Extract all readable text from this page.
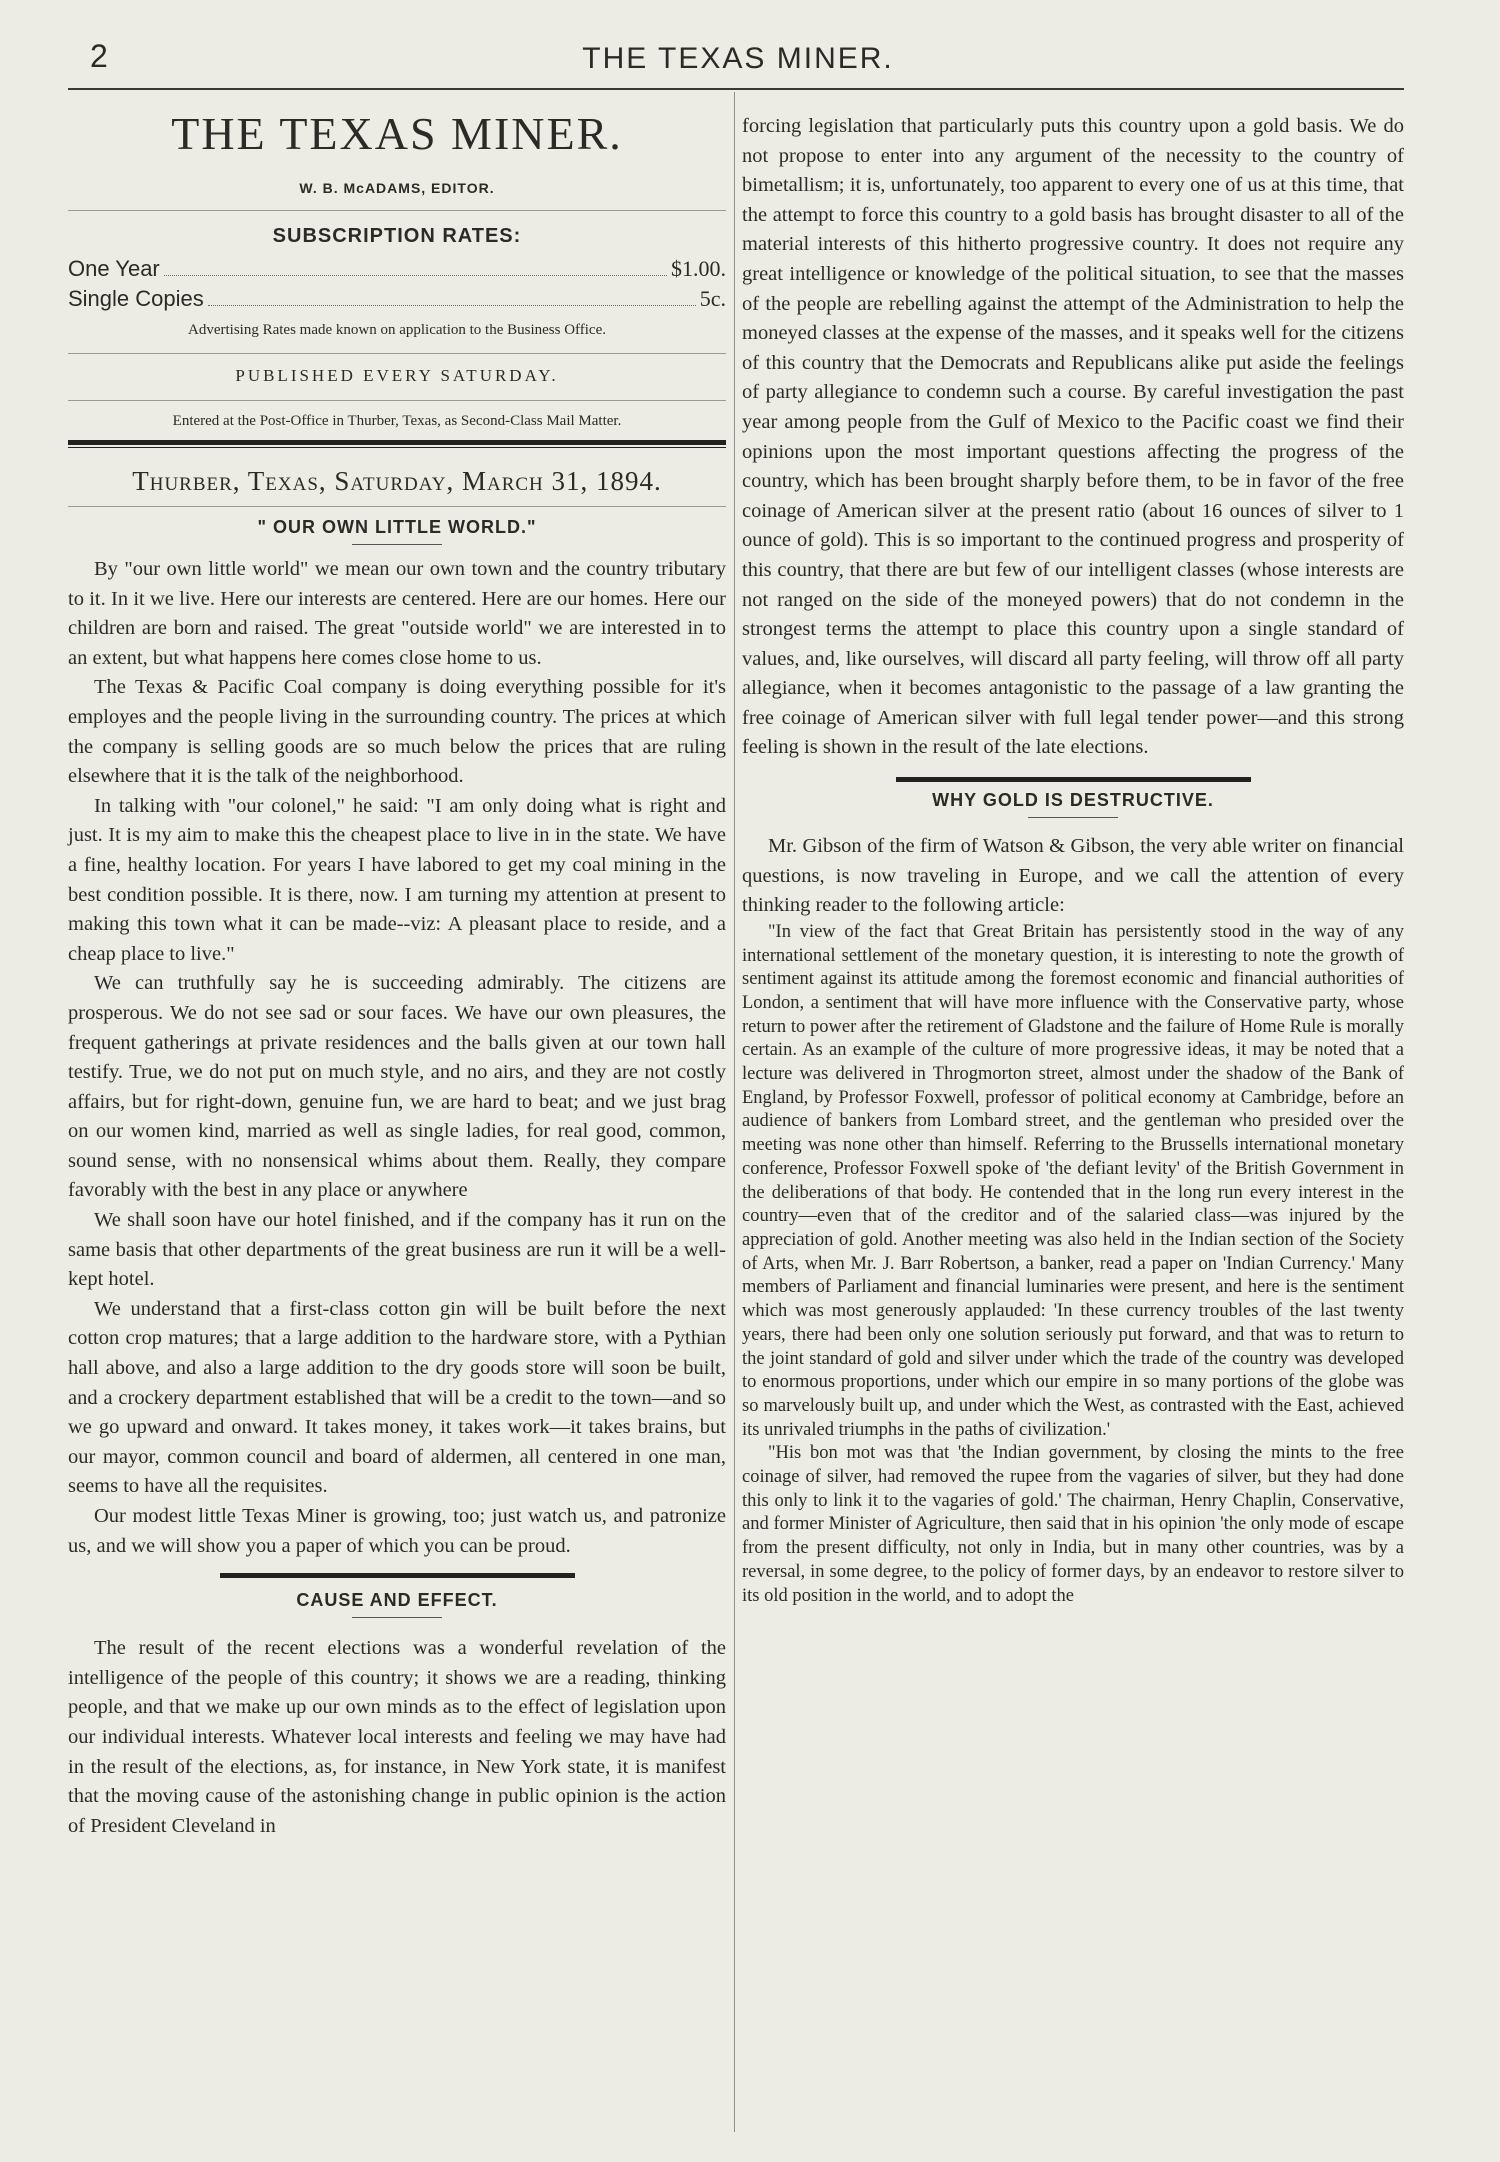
2	THE TEXAS MINER.
THE TEXAS MINER.
W. B. McADAMS, EDITOR.
SUBSCRIPTION RATES:
One Year	$1.00.
Single Copies	5c.
Advertising Rates made known on application to the Business Office.
PUBLISHED EVERY SATURDAY.
Entered at the Post-Office in Thurber, Texas, as Second-Class Mail Matter.
Thurber, Texas, Saturday, March 31, 1894.
" OUR OWN LITTLE WORLD."

By "our own little world" we mean our own town and the country tributary to it. In it we live. Here our interests are centered. Here are our homes. Here our children are born and raised. The great "outside world" we are interested in to an extent, but what happens here comes close home to us.

The Texas & Pacific Coal company is doing everything possible for it's employes and the people living in the surrounding country. The prices at which the company is selling goods are so much below the prices that are ruling elsewhere that it is the talk of the neighborhood.

In talking with "our colonel," he said: "I am only doing what is right and just. It is my aim to make this the cheapest place to live in in the state. We have a fine, healthy location. For years I have labored to get my coal mining in the best condition possible. It is there, now. I am turning my attention at present to making this town what it can be made--viz: A pleasant place to reside, and a cheap place to live."

We can truthfully say he is succeeding admirably. The citizens are prosperous. We do not see sad or sour faces. We have our own pleasures, the frequent gatherings at private residences and the balls given at our town hall testify. True, we do not put on much style, and no airs, and they are not costly affairs, but for right-down, genuine fun, we are hard to beat; and we just brag on our women kind, married as well as single ladies, for real good, common, sound sense, with no nonsensical whims about them. Really, they compare favorably with the best in any place or anywhere

We shall soon have our hotel finished, and if the company has it run on the same basis that other departments of the great business are run it will be a well-kept hotel.

We understand that a first-class cotton gin will be built before the next cotton crop matures; that a large addition to the hardware store, with a Pythian hall above, and also a large addition to the dry goods store will soon be built, and a crockery department established that will be a credit to the town—and so we go upward and onward. It takes money, it takes work—it takes brains, but our mayor, common council and board of aldermen, all centered in one man, seems to have all the requisites.

Our modest little Texas Miner is growing, too; just watch us, and patronize us, and we will show you a paper of which you can be proud.

CAUSE AND EFFECT.

The result of the recent elections was a wonderful revelation of the intelligence of the people of this country; it shows we are a reading, thinking people, and that we make up our own minds as to the effect of legislation upon our individual interests. Whatever local interests and feeling we may have had in the result of the elections, as, for instance, in New York state, it is manifest that the moving cause of the astonishing change in public opinion is the action of President Cleveland in

forcing legislation that particularly puts this country upon a gold basis. We do not propose to enter into any argument of the necessity to the country of bimetallism; it is, unfortunately, too apparent to every one of us at this time, that the attempt to force this country to a gold basis has brought disaster to all of the material interests of this hitherto progressive country. It does not require any great intelligence or knowledge of the political situation, to see that the masses of the people are rebelling against the attempt of the Administration to help the moneyed classes at the expense of the masses, and it speaks well for the citizens of this country that the Democrats and Republicans alike put aside the feelings of party allegiance to condemn such a course. By careful investigation the past year among people from the Gulf of Mexico to the Pacific coast we find their opinions upon the most important questions affecting the progress of the country, which has been brought sharply before them, to be in favor of the free coinage of American silver at the present ratio (about 16 ounces of silver to 1 ounce of gold). This is so important to the continued progress and prosperity of this country, that there are but few of our intelligent classes (whose interests are not ranged on the side of the moneyed powers) that do not condemn in the strongest terms the attempt to place this country upon a single standard of values, and, like ourselves, will discard all party feeling, will throw off all party allegiance, when it becomes antagonistic to the passage of a law granting the free coinage of American silver with full legal tender power—and this strong feeling is shown in the result of the late elections.

WHY GOLD IS DESTRUCTIVE.

Mr. Gibson of the firm of Watson & Gibson, the very able writer on financial questions, is now traveling in Europe, and we call the attention of every thinking reader to the following article:

"In view of the fact that Great Britain has persistently stood in the way of any international settlement of the monetary question, it is interesting to note the growth of sentiment against its attitude among the foremost economic and financial authorities of London, a sentiment that will have more influence with the Conservative party, whose return to power after the retirement of Gladstone and the failure of Home Rule is morally certain. As an example of the culture of more progressive ideas, it may be noted that a lecture was delivered in Throgmorton street, almost under the shadow of the Bank of England, by Professor Foxwell, professor of political economy at Cambridge, before an audience of bankers from Lombard street, and the gentleman who presided over the meeting was none other than himself. Referring to the Brussells international monetary conference, Professor Foxwell spoke of 'the defiant levity' of the British Government in the deliberations of that body. He contended that in the long run every interest in the country—even that of the creditor and of the salaried class—was injured by the appreciation of gold. Another meeting was also held in the Indian section of the Society of Arts, when Mr. J. Barr Robertson, a banker, read a paper on 'Indian Currency.' Many members of Parliament and financial luminaries were present, and here is the sentiment which was most generously applauded: 'In these currency troubles of the last twenty years, there had been only one solution seriously put forward, and that was to return to the joint standard of gold and silver under which the trade of the country was developed to enormous proportions, under which our empire in so many portions of the globe was so marvelously built up, and under which the West, as contrasted with the East, achieved its unrivaled triumphs in the paths of civilization.'

"His bon mot was that 'the Indian government, by closing the mints to the free coinage of silver, had removed the rupee from the vagaries of silver, but they had done this only to link it to the vagaries of gold.' The chairman, Henry Chaplin, Conservative, and former Minister of Agriculture, then said that in his opinion 'the only mode of escape from the present difficulty, not only in India, but in many other countries, was by a reversal, in some degree, to the policy of former days, by an endeavor to restore silver to its old position in the world, and to adopt the
